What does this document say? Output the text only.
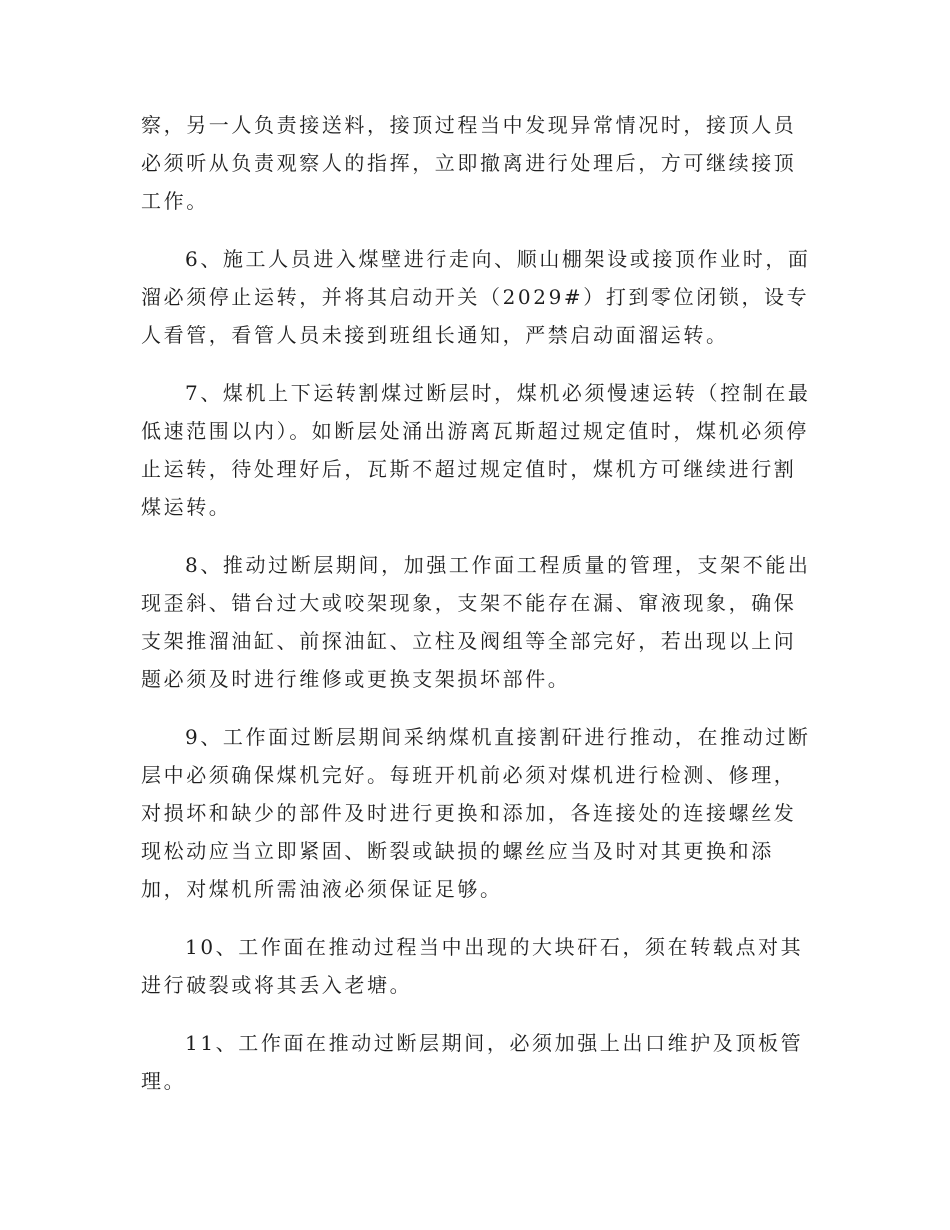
察，另一人负责接送料，接顶过程当中发现异常情况时，接顶人员必须听从负责观察人的指挥，立即撤离进行处理后，方可继续接顶工作。

6、施工人员进入煤壁进行走向、顺山棚架设或接顶作业时，面溜必须停止运转，并将其启动开关（2029#）打到零位闭锁，设专人看管，看管人员未接到班组长通知，严禁启动面溜运转。

7、煤机上下运转割煤过断层时，煤机必须慢速运转（控制在最低速范围以内）。如断层处涌出游离瓦斯超过规定值时，煤机必须停止运转，待处理好后，瓦斯不超过规定值时，煤机方可继续进行割煤运转。

8、推动过断层期间，加强工作面工程质量的管理，支架不能出现歪斜、错台过大或咬架现象，支架不能存在漏、窜液现象，确保支架推溜油缸、前探油缸、立柱及阀组等全部完好，若出现以上问题必须及时进行维修或更换支架损坏部件。

9、工作面过断层期间采纳煤机直接割矸进行推动，在推动过断层中必须确保煤机完好。每班开机前必须对煤机进行检测、修理，对损坏和缺少的部件及时进行更换和添加，各连接处的连接螺丝发现松动应当立即紧固、断裂或缺损的螺丝应当及时对其更换和添加，对煤机所需油液必须保证足够。

10、工作面在推动过程当中出现的大块矸石，须在转载点对其进行破裂或将其丢入老塘。

11、工作面在推动过断层期间，必须加强上出口维护及顶板管理。
